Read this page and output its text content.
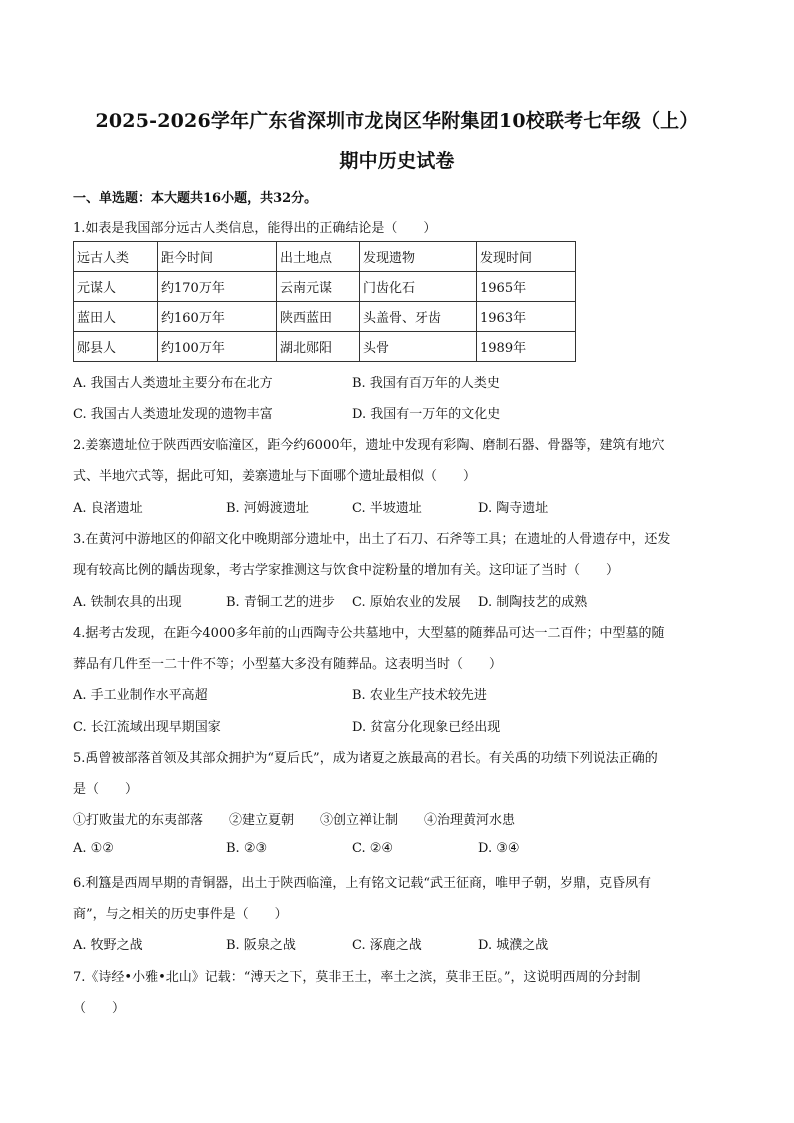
2025-2026学年广东省深圳市龙岗区华附集团10校联考七年级（上）
期中历史试卷
一、单选题：本大题共16小题，共32分。
1.如表是我国部分远古人类信息，能得出的正确结论是（　　）
远古人类	距今时间	出土地点	发现遗物	发现时间
元谋人	约170万年	云南元谋	门齿化石	1965年
蓝田人	约160万年	陕西蓝田	头盖骨、牙齿	1963年
郧县人	约100万年	湖北郧阳	头骨	1989年
A. 我国古人类遗址主要分布在北方	B. 我国有百万年的人类史
C. 我国古人类遗址发现的遗物丰富	D. 我国有一万年的文化史
2.姜寨遗址位于陕西西安临潼区，距今约6000年，遗址中发现有彩陶、磨制石器、骨器等，建筑有地穴
式、半地穴式等，据此可知，姜寨遗址与下面哪个遗址最相似（　　）
A. 良渚遗址	B. 河姆渡遗址	C. 半坡遗址	D. 陶寺遗址
3.在黄河中游地区的仰韶文化中晚期部分遗址中，出土了石刀、石斧等工具；在遗址的人骨遗存中，还发
现有较高比例的龋齿现象，考古学家推测这与饮食中淀粉量的增加有关。这印证了当时（　　）
A. 铁制农具的出现	B. 青铜工艺的进步 C. 原始农业的发展 D. 制陶技艺的成熟
4.据考古发现，在距今4000多年前的山西陶寺公共墓地中，大型墓的随葬品可达一二百件；中型墓的随
葬品有几件至一二十件不等；小型墓大多没有随葬品。这表明当时（　　）
A. 手工业制作水平高超	B. 农业生产技术较先进
C. 长江流域出现早期国家	D. 贫富分化现象已经出现
5.禹曾被部落首领及其部众拥护为“夏后氏”，成为诸夏之族最高的君长。有关禹的功绩下列说法正确的
是（　　）
①打败蚩尤的东夷部落　　②建立夏朝　　③创立禅让制　　④治理黄河水患
A. ①②	B. ②③	C. ②④	D. ③④
6.利簋是西周早期的青铜器，出土于陕西临潼，上有铭文记载“武王征商，唯甲子朝，岁鼎，克昏夙有
商”，与之相关的历史事件是（　　）
A. 牧野之战	B. 阪泉之战	C. 涿鹿之战	D. 城濮之战
7.《诗经•小雅•北山》记载：“溥天之下，莫非王土，率土之滨，莫非王臣。”，这说明西周的分封制
（　　）
